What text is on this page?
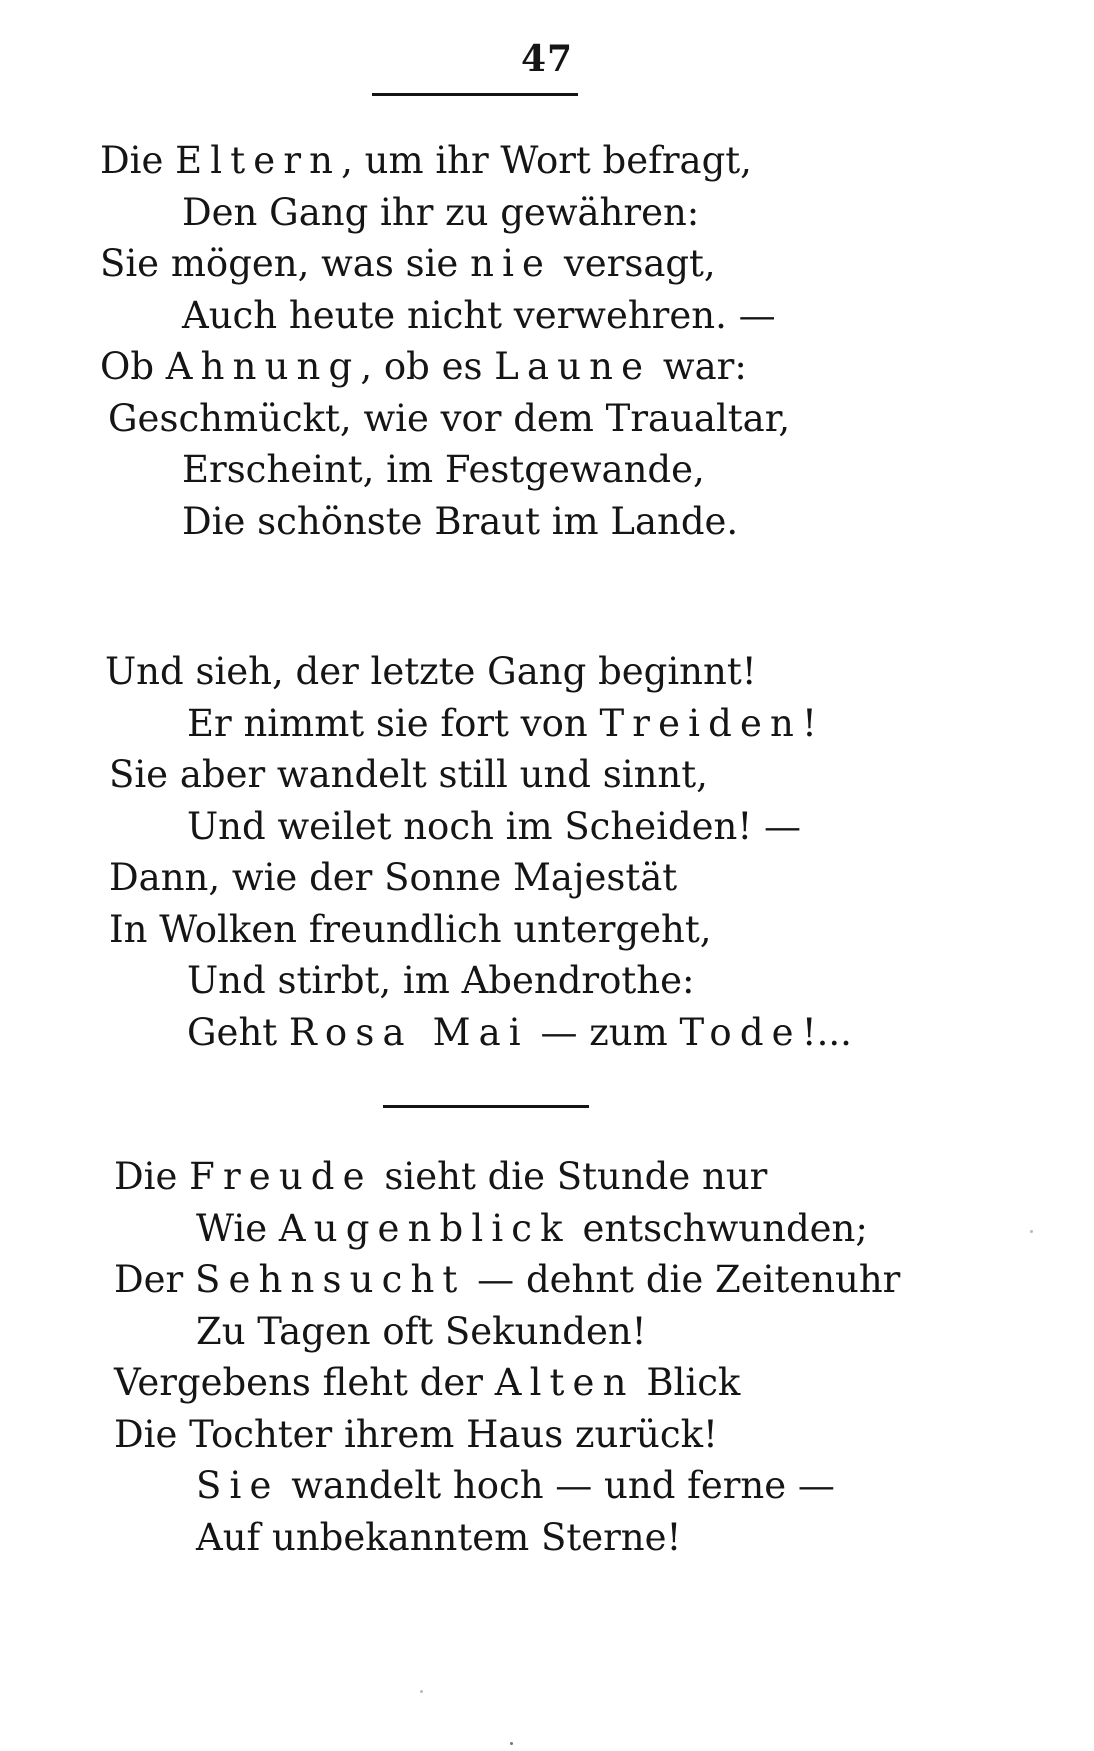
47
Die Eltern, um ihr Wort befragt,
Den Gang ihr zu gewähren:
Sie mögen, was sie nie versagt,
Auch heute nicht verwehren. —
Ob Ahnung, ob es Laune war:
Geschmückt, wie vor dem Traualtar,
Erscheint, im Festgewande,
Die schönste Braut im Lande.
Und sieh, der letzte Gang beginnt!
Er nimmt sie fort von Treiden!
Sie aber wandelt still und sinnt,
Und weilet noch im Scheiden! —
Dann, wie der Sonne Majestät
In Wolken freundlich untergeht,
Und stirbt, im Abendrothe:
Geht Rosa Mai — zum Tode!...
Die Freude sieht die Stunde nur
Wie Augenblick entschwunden;
Der Sehnsucht — dehnt die Zeitenuhr
Zu Tagen oft Sekunden!
Vergebens fleht der Alten Blick
Die Tochter ihrem Haus zurück!
Sie wandelt hoch — und ferne —
Auf unbekanntem Sterne!
